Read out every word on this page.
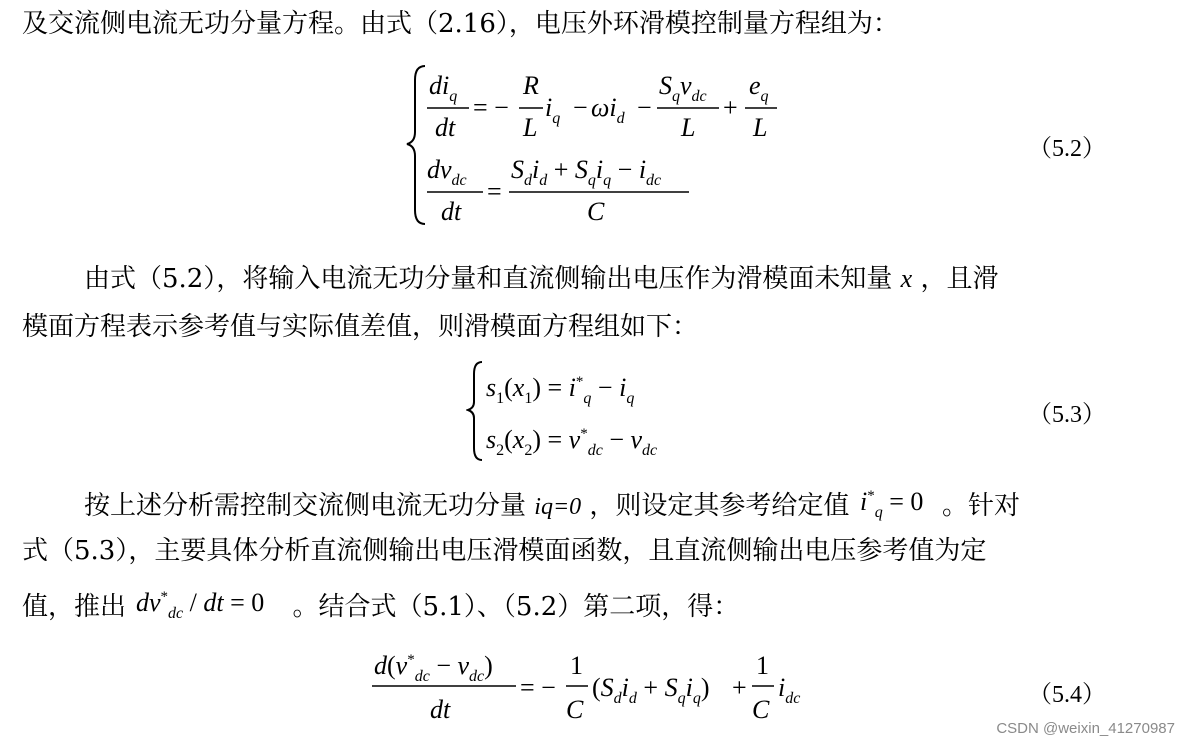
及交流侧电流无功分量方程。由式（2.16），电压外环滑模控制量方程组为：
$di_q$
dt
= −
R
L
$i_q - \omega i_d$ −
$S_qv_{dc}$
L
+
$e_q$
L
$dv_{dc}$
dt
=
$S_di_d + S_qi_q - i_{dc}$
C
（5.2）
由式（5.2），将输入电流无功分量和直流侧输出电压作为滑模面未知量 x ，且滑
模面方程表示参考值与实际值差值，则滑模面方程组如下：
$s_1(x_1) = i^*_q - i_q$
$s_2(x_2) = v^*_{dc} - v_{dc}$
（5.3）
按上述分析需控制交流侧电流无功分量 iq=0 ，则设定其参考给定值 $i^*_q = 0$ 。针对
式（5.3），主要具体分析直流侧输出电压滑模面函数，且直流侧输出电压参考值为定
值，推出 $dv^*_{dc}$ / dt = 0 。结合式（5.1）、（5.2）第二项，得：
$d(v^*_{dc} - v_{dc})$
dt
= −
1
C
$(S_di_d + S_qi_q)$ +
1
C
$i_{dc}$	（5.4）
CSDN @weixin_41270987
